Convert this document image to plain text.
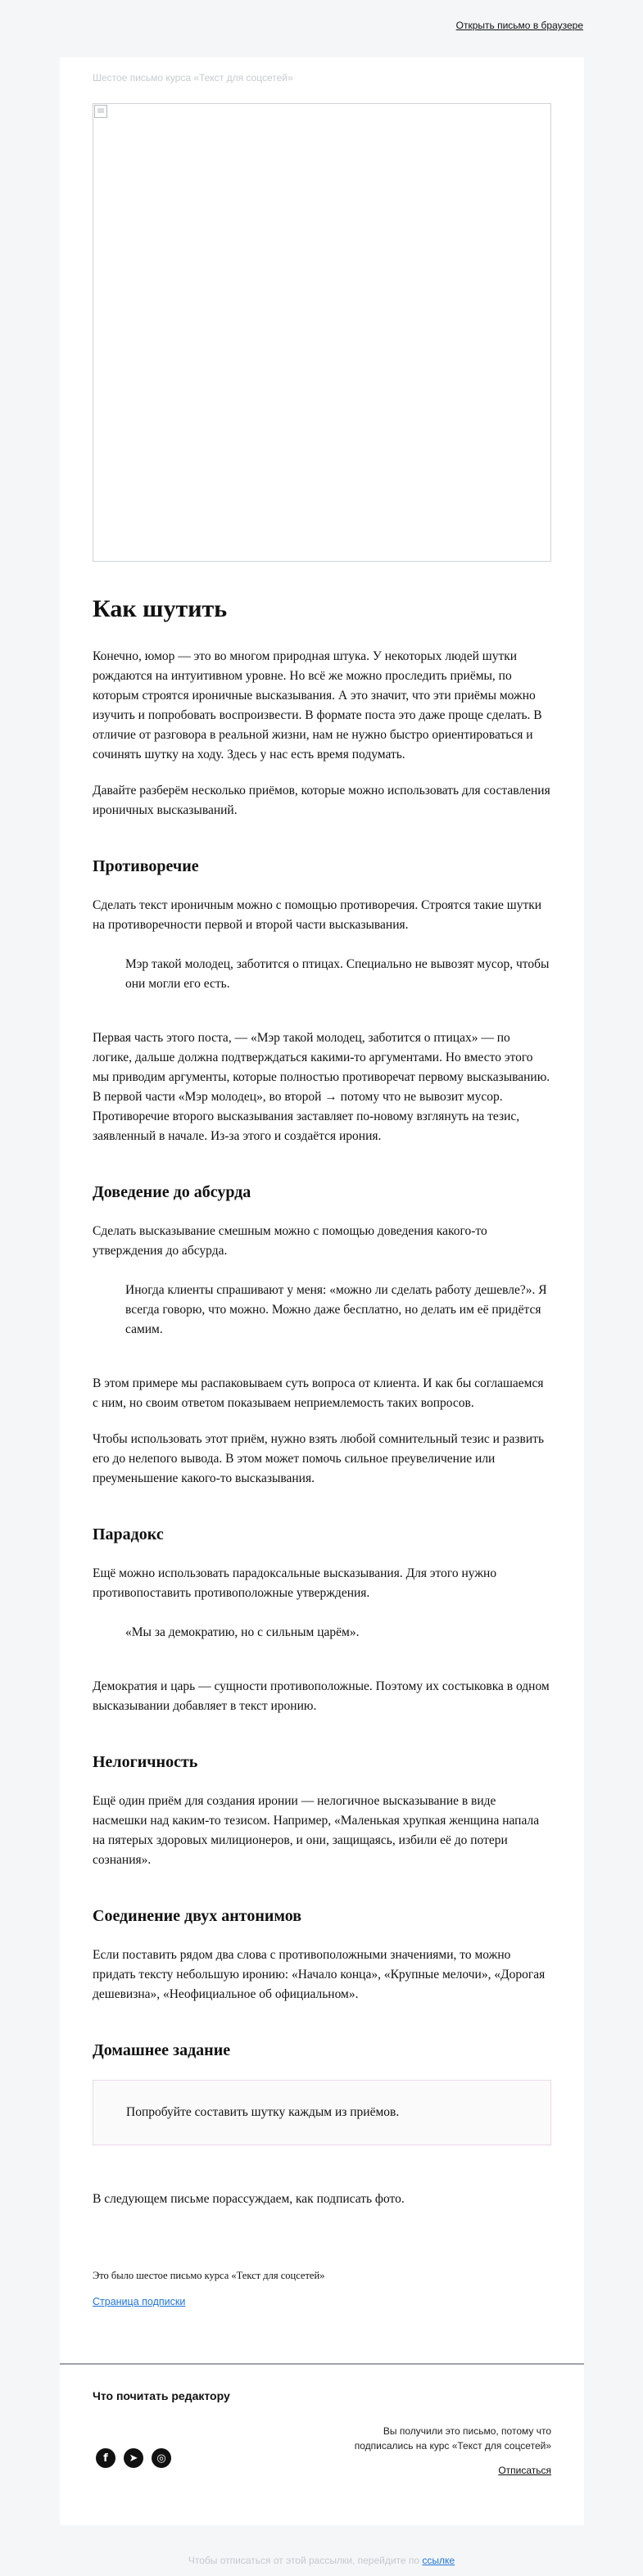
Открыть письмо в браузере
Шестое письмо курса «Текст для соцсетей»
Как шутить

Конечно, юмор — это во многом природная штука. У некоторых людей шутки рождаются на интуитивном уровне. Но всё же можно проследить приёмы, по которым строятся ироничные высказывания. А это значит, что эти приёмы можно изучить и попробовать воспроизвести. В формате поста это даже проще сделать. В отличие от разговора в реальной жизни, нам не нужно быстро ориентироваться и сочинять шутку на ходу. Здесь у нас есть время подумать.

Давайте разберём несколько приёмов, которые можно использовать для составления ироничных высказываний.

Противоречие

Сделать текст ироничным можно с помощью противоречия. Строятся такие шутки на противоречности первой и второй части высказывания.

Мэр такой молодец, заботится о птицах. Специально не вывозят мусор, чтобы они могли его есть.

Первая часть этого поста, — «Мэр такой молодец, заботится о птицах» — по логике, дальше должна подтверждаться какими-то аргументами. Но вместо этого мы приводим аргументы, которые полностью противоречат первому высказыванию. В первой части «Мэр молодец», во второй → потому что не вывозит мусор. Противоречие второго высказывания заставляет по-новому взглянуть на тезис, заявленный в начале. Из-за этого и создаётся ирония.

Доведение до абсурда

Сделать высказывание смешным можно с помощью доведения какого-то утверждения до абсурда.

Иногда клиенты спрашивают у меня: «можно ли сделать работу дешевле?». Я всегда говорю, что можно. Можно даже бесплатно, но делать им её придётся самим.

В этом примере мы распаковываем суть вопроса от клиента. И как бы соглашаемся с ним, но своим ответом показываем неприемлемость таких вопросов.

Чтобы использовать этот приём, нужно взять любой сомнительный тезис и развить его до нелепого вывода. В этом может помочь сильное преувеличение или преуменьшение какого-то высказывания.

Парадокс

Ещё можно использовать парадоксальные высказывания. Для этого нужно противопоставить противоположные утверждения.

«Мы за демократию, но с сильным царём».

Демократия и царь — сущности противоположные. Поэтому их состыковка в одном высказывании добавляет в текст иронию.

Нелогичность

Ещё один приём для создания иронии — нелогичное высказывание в виде насмешки над каким-то тезисом. Например, «Маленькая хрупкая женщина напала на пятерых здоровых милиционеров, и они, защищаясь, избили её до потери сознания».

Соединение двух антонимов

Если поставить рядом два слова с противоположными значениями, то можно придать тексту небольшую иронию: «Начало конца», «Крупные мелочи», «Дорогая дешевизна», «Неофициальное об официальном».

Домашнее задание
Попробуйте составить шутку каждым из приёмов.

В следующем письме порассуждаем, как подписать фото.

Это было шестое письмо курса «Текст для соцсетей»
Страница подписки
Что почитать редактору
Вы получили это письмо, потому что
подписались на курс «Текст для соцсетей»
f	➤	◎
Отписаться
Чтобы отписаться от этой рассылки, перейдите по ссылке
